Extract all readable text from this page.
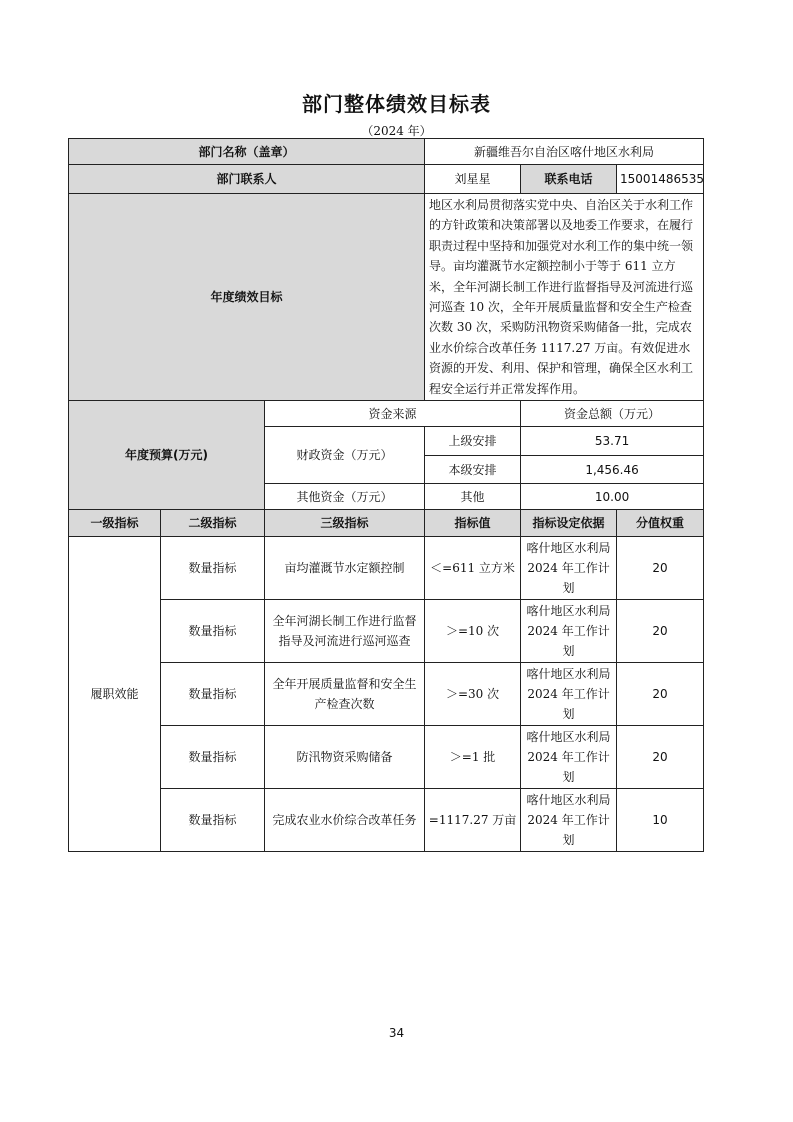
部门整体绩效目标表
（2024 年）
部门名称（盖章）			新疆维吾尔自治区喀什地区水利局		
部门联系人			刘星星	联系电话	15001486535
年度绩效目标			地区水利局贯彻落实党中央、自治区关于水利工作的方针政策和决策部署以及地委工作要求，在履行职责过程中坚持和加强党对水利工作的集中统一领导。亩均灌溉节水定额控制小于等于 611 立方米，全年河湖长制工作进行监督指导及河流进行巡河巡查 10 次，全年开展质量监督和安全生产检查次数 30 次，采购防汛物资采购储备一批，完成农业水价综合改革任务 1117.27 万亩。有效促进水资源的开发、利用、保护和管理，确保全区水利工程安全运行并正常发挥作用。		
年度预算(万元)		资金来源		资金总额（万元）	
		财政资金（万元）	上级安排	53.71	
			本级安排	1,456.46	
		其他资金（万元）	其他	10.00	
一级指标	二级指标	三级指标	指标值	指标设定依据	分值权重
履职效能	数量指标	亩均灌溉节水定额控制	＜=611 立方米	喀什地区水利局 2024 年工作计划	20
	数量指标	全年河湖长制工作进行监督指导及河流进行巡河巡查	＞=10 次	喀什地区水利局 2024 年工作计划	20
	数量指标	全年开展质量监督和安全生产检查次数	＞=30 次	喀什地区水利局 2024 年工作计划	20
	数量指标	防汛物资采购储备	＞=1 批	喀什地区水利局 2024 年工作计划	20
	数量指标	完成农业水价综合改革任务	=1117.27 万亩	喀什地区水利局 2024 年工作计划	10
34
